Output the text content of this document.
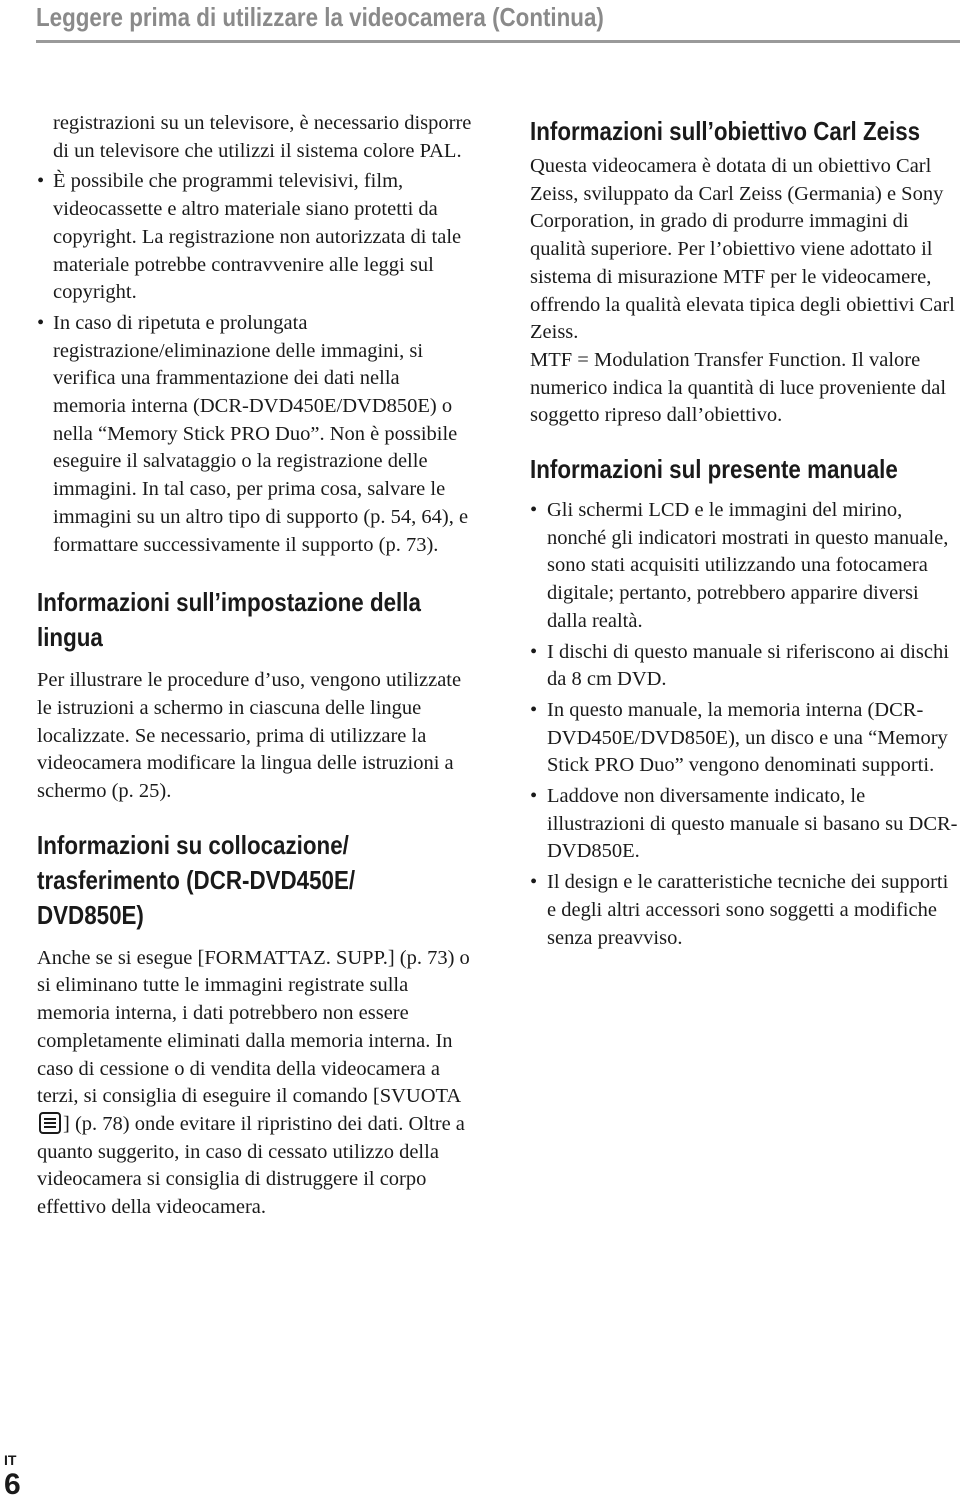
Leggere prima di utilizzare la videocamera (Continua)

registrazioni su un televisore, è necessario disporre di un televisore che utilizzi il sistema colore PAL.

• È possibile che programmi televisivi, film, videocassette e altro materiale siano protetti da copyright. La registrazione non autorizzata di tale materiale potrebbe contravvenire alle leggi sul copyright.

• In caso di ripetuta e prolungata registrazione/eliminazione delle immagini, si verifica una frammentazione dei dati nella memoria interna (DCR-DVD450E/DVD850E) o nella “Memory Stick PRO Duo”. Non è possibile eseguire il salvataggio o la registrazione delle immagini. In tal caso, per prima cosa, salvare le immagini su un altro tipo di supporto (p. 54, 64), e formattare successivamente il supporto (p. 73).

Informazioni sull’impostazione della
lingua

Per illustrare le procedure d’uso, vengono utilizzate le istruzioni a schermo in ciascuna delle lingue localizzate. Se necessario, prima di utilizzare la videocamera modificare la lingua delle istruzioni a schermo (p. 25).

Informazioni su collocazione/
trasferimento (DCR-DVD450E/
DVD850E)

Anche se si esegue [FORMATTAZ. SUPP.] (p. 73) o si eliminano tutte le immagini registrate sulla memoria interna, i dati potrebbero non essere completamente eliminati dalla memoria interna. In caso di cessione o di vendita della videocamera a terzi, si consiglia di eseguire il comando [SVUOTA] (p. 78) onde evitare il ripristino dei dati. Oltre a quanto suggerito, in caso di cessato utilizzo della videocamera si consiglia di distruggere il corpo effettivo della videocamera.

Informazioni sull’obiettivo Carl Zeiss

Questa videocamera è dotata di un obiettivo Carl Zeiss, sviluppato da Carl Zeiss (Germania) e Sony Corporation, in grado di produrre immagini di qualità superiore. Per l’obiettivo viene adottato il sistema di misurazione MTF per le videocamere, offrendo la qualità elevata tipica degli obiettivi Carl Zeiss.

MTF = Modulation Transfer Function. Il valore numerico indica la quantità di luce proveniente dal soggetto ripreso dall’obiettivo.

Informazioni sul presente manuale

• Gli schermi LCD e le immagini del mirino, nonché gli indicatori mostrati in questo manuale, sono stati acquisiti utilizzando una fotocamera digitale; pertanto, potrebbero apparire diversi dalla realtà.

• I dischi di questo manuale si riferiscono ai dischi da 8 cm DVD.

• In questo manuale, la memoria interna (DCR-DVD450E/DVD850E), un disco e una “Memory Stick PRO Duo” vengono denominati supporti.

• Laddove non diversamente indicato, le illustrazioni di questo manuale si basano su DCR-DVD850E.

• Il design e le caratteristiche tecniche dei supporti e degli altri accessori sono soggetti a modifiche senza preavviso.

IT
6
